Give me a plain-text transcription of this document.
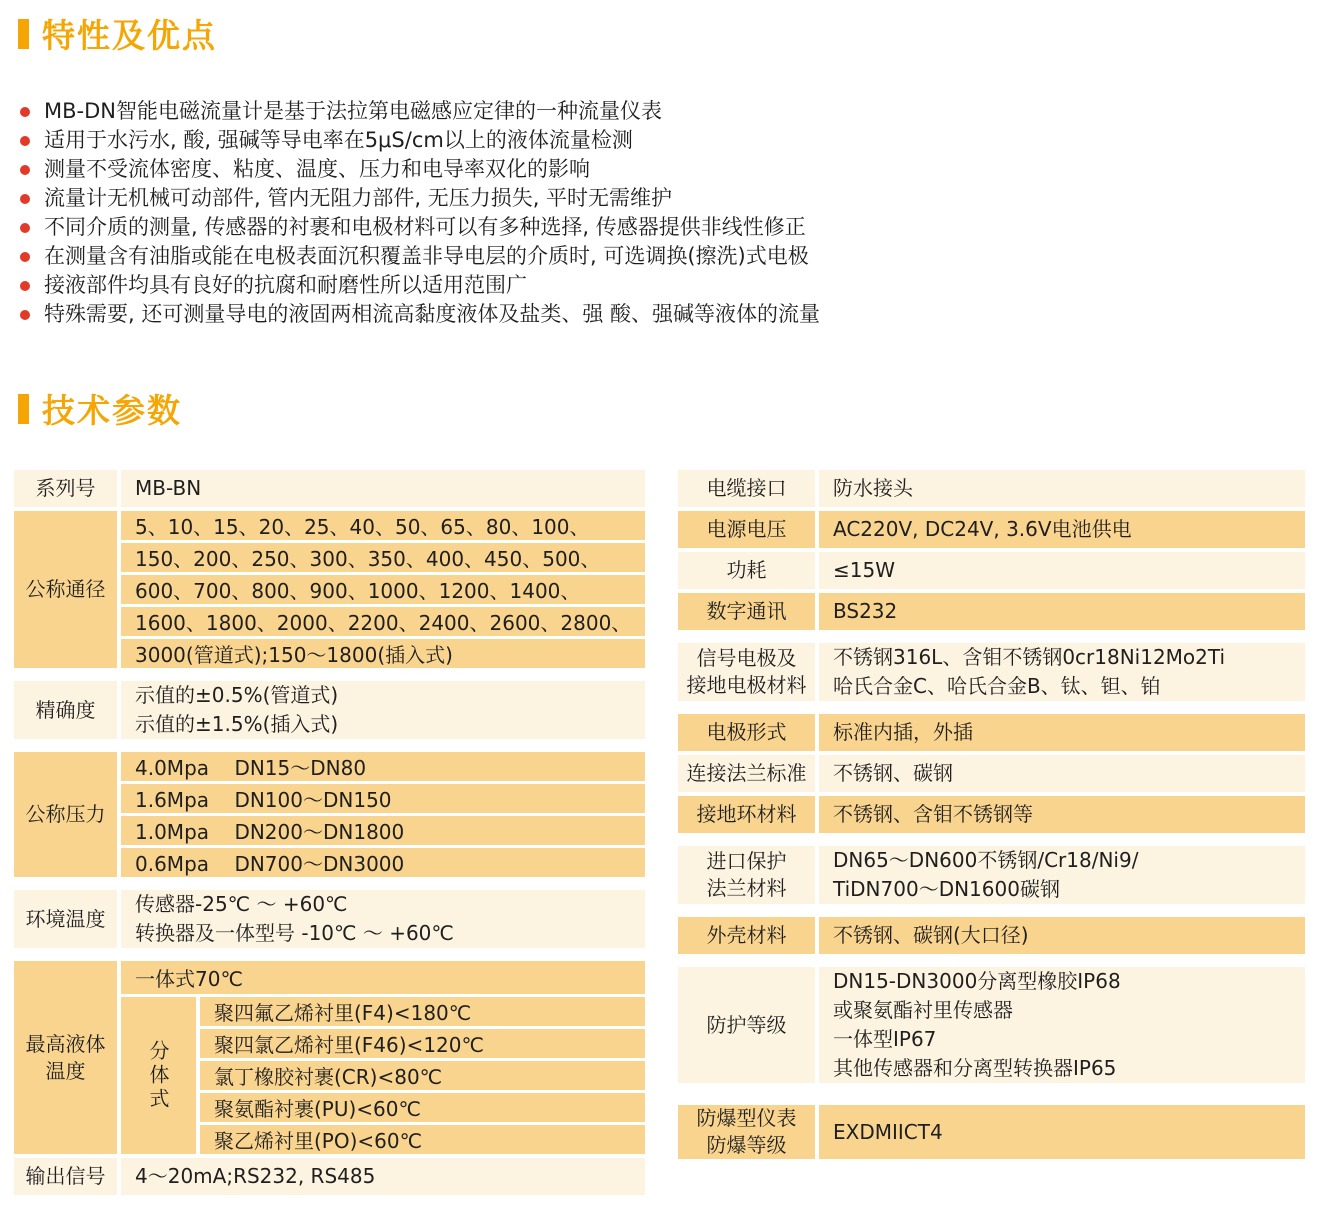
特性及优点
MB-DN智能电磁流量计是基于法拉第电磁感应定律的一种流量仪表
适用于水污水, 酸, 强碱等导电率在5μS/cm以上的液体流量检测
测量不受流体密度、粘度、温度、压力和电导率双化的影响
流量计无机械可动部件, 管内无阻力部件, 无压力损失, 平时无需维护
不同介质的测量, 传感器的衬裹和电极材料可以有多种选择, 传感器提供非线性修正
在测量含有油脂或能在电极表面沉积覆盖非导电层的介质时, 可选调换(擦洗)式电极
接液部件均具有良好的抗腐和耐磨性所以适用范围广
特殊需要, 还可测量导电的液固两相流高黏度液体及盐类、强 酸、强碱等液体的流量
技术参数
系列号 MB-BN
公称通径
5、10、15、20、25、40、50、65、80、100、
150、200、250、300、350、400、450、500、
600、700、800、900、1000、1200、1400、
1600、1800、2000、2200、2400、2600、2800、
3000(管道式);150～1800(插入式)
精确度
示值的±0.5%(管道式)
示值的±1.5%(插入式)
公称压力
4.0Mpa    DN15～DN80
1.6Mpa    DN100～DN150
1.0Mpa    DN200～DN1800
0.6Mpa    DN700～DN3000
环境温度
传感器-25℃ ～ +60℃
转换器及一体型号 -10℃ ～ +60℃
最高液体
温度
一体式70℃
分体式
聚四氟乙烯衬里(F4)<180℃
聚四氯乙烯衬里(F46)<120℃
氯丁橡胶衬裹(CR)<80℃
聚氨酯衬裹(PU)<60℃
聚乙烯衬里(PO)<60℃
输出信号 4～20mA;RS232, RS485
电缆接口 防水接头
电源电压 AC220V, DC24V, 3.6V电池供电
功耗	≤15W
数字通讯 BS232
信号电极及
接地电极材料
不锈钢316L、含钼不锈钢0cr18Ni12Mo2Ti
哈氏合金C、哈氏合金B、钛、钽、铂
电极形式 标准内插，外插
连接法兰标准 不锈钢、碳钢
接地环材料 不锈钢、含钼不锈钢等
进口保护
法兰材料
DN65～DN600不锈钢/Cr18/Ni9/
TiDN700～DN1600碳钢
外壳材料 不锈钢、碳钢(大口径)
防护等级
DN15-DN3000分离型橡胶IP68
或聚氨酯衬里传感器
一体型IP67
其他传感器和分离型转换器IP65
防爆型仪表
防爆等级
EXDMIICT4
